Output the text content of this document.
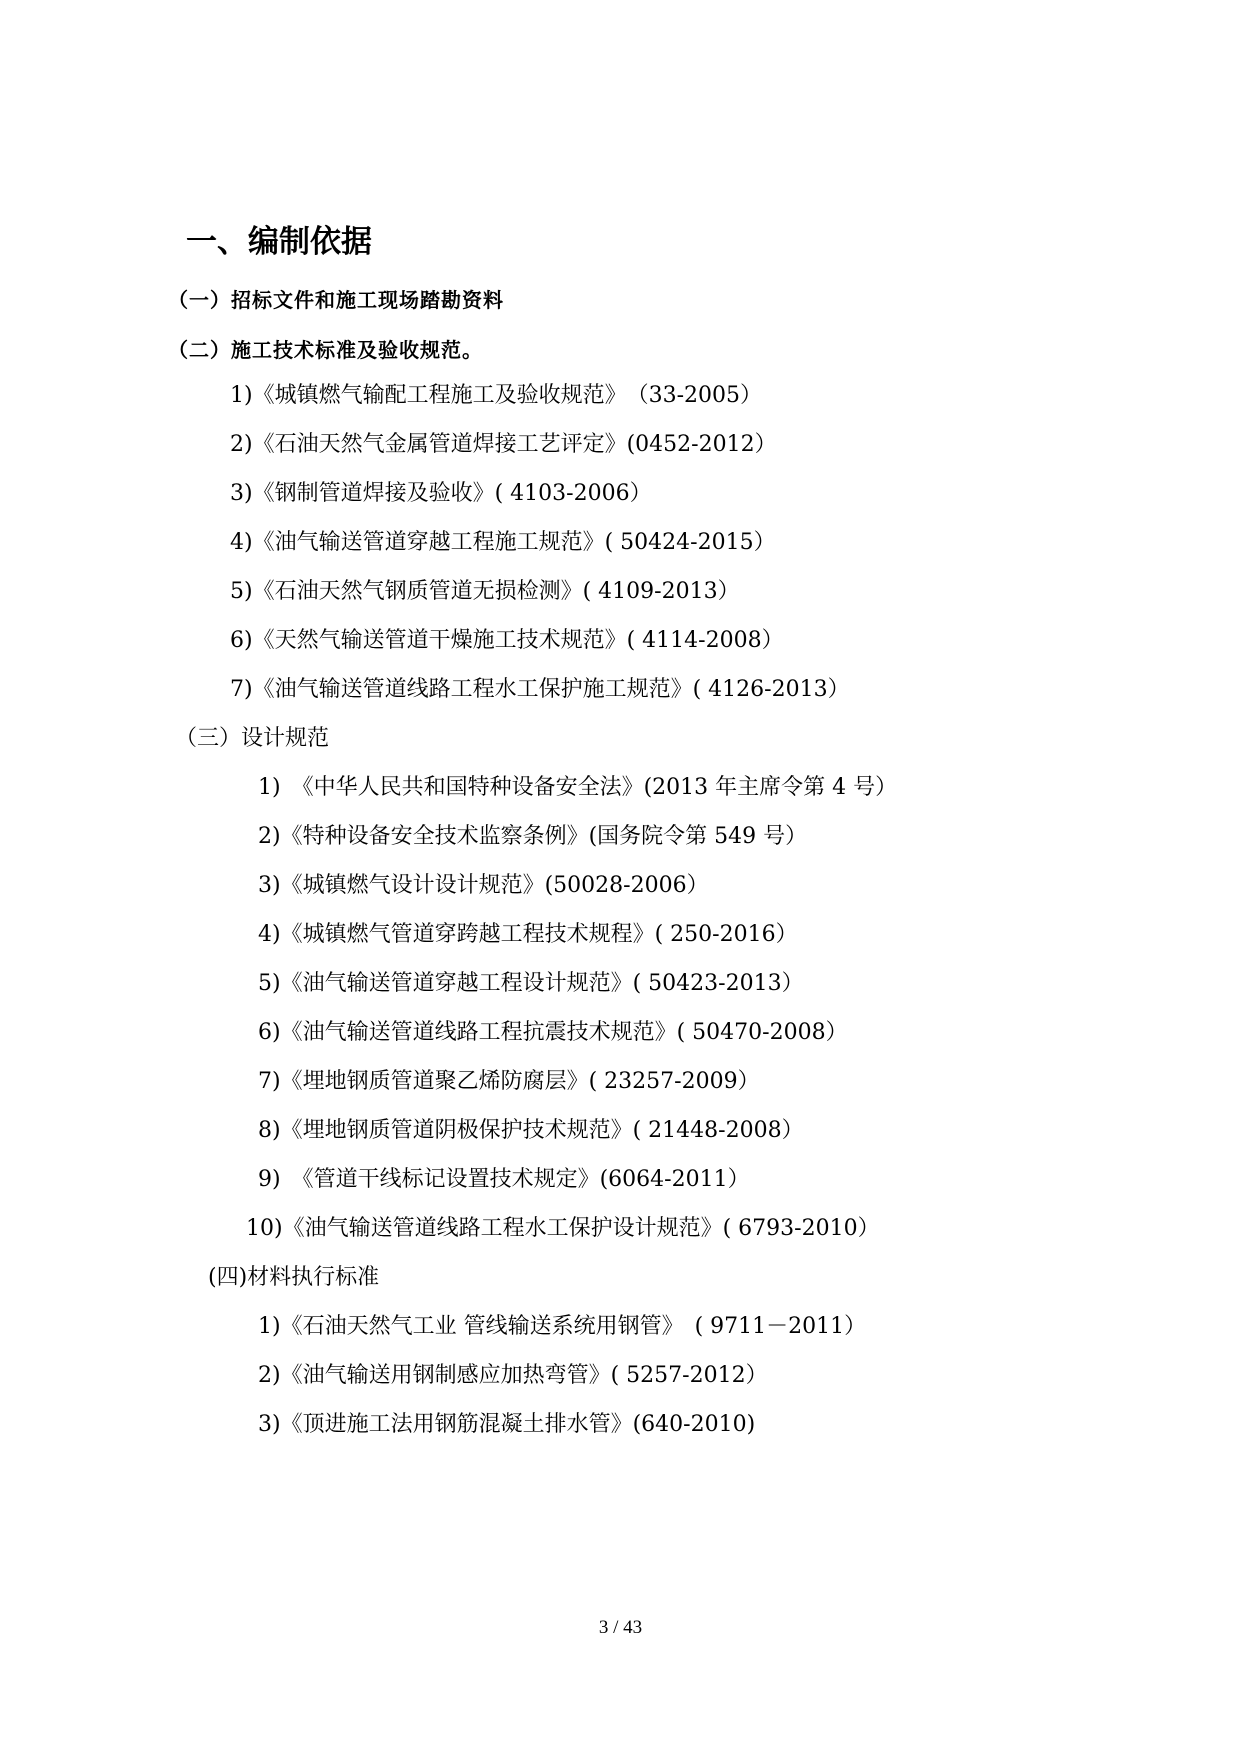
一、编制依据
（一）招标文件和施工现场踏勘资料
（二）施工技术标准及验收规范。
1)《城镇燃气输配工程施工及验收规范》　（33-2005）
2)《石油天然气金属管道焊接工艺评定》(0452-2012）
3)《钢制管道焊接及验收》( 4103-2006）
4)《油气输送管道穿越工程施工规范》( 50424-2015）
5)《石油天然气钢质管道无损检测》( 4109-2013）
6)《天然气输送管道干燥施工技术规范》( 4114-2008）
7)《油气输送管道线路工程水工保护施工规范》( 4126-2013）
（三）设计规范
1)　《中华人民共和国特种设备安全法》(2013 年主席令第 4 号）
2)《特种设备安全技术监察条例》(国务院令第 549 号）
3)《城镇燃气设计设计规范》(50028-2006）
4)《城镇燃气管道穿跨越工程技术规程》( 250-2016）
5)《油气输送管道穿越工程设计规范》( 50423-2013）
6)《油气输送管道线路工程抗震技术规范》( 50470-2008）
7)《埋地钢质管道聚乙烯防腐层》( 23257-2009）
8)《埋地钢质管道阴极保护技术规范》( 21448-2008）
9)　《管道干线标记设置技术规定》(6064-2011）
10)《油气输送管道线路工程水工保护设计规范》( 6793-2010）
(四)材料执行标准
1)《石油天然气工业 管线输送系统用钢管》　( 9711－2011）
2)《油气输送用钢制感应加热弯管》( 5257-2012）
3)《顶进施工法用钢筋混凝土排水管》(640-2010)
3 / 43
